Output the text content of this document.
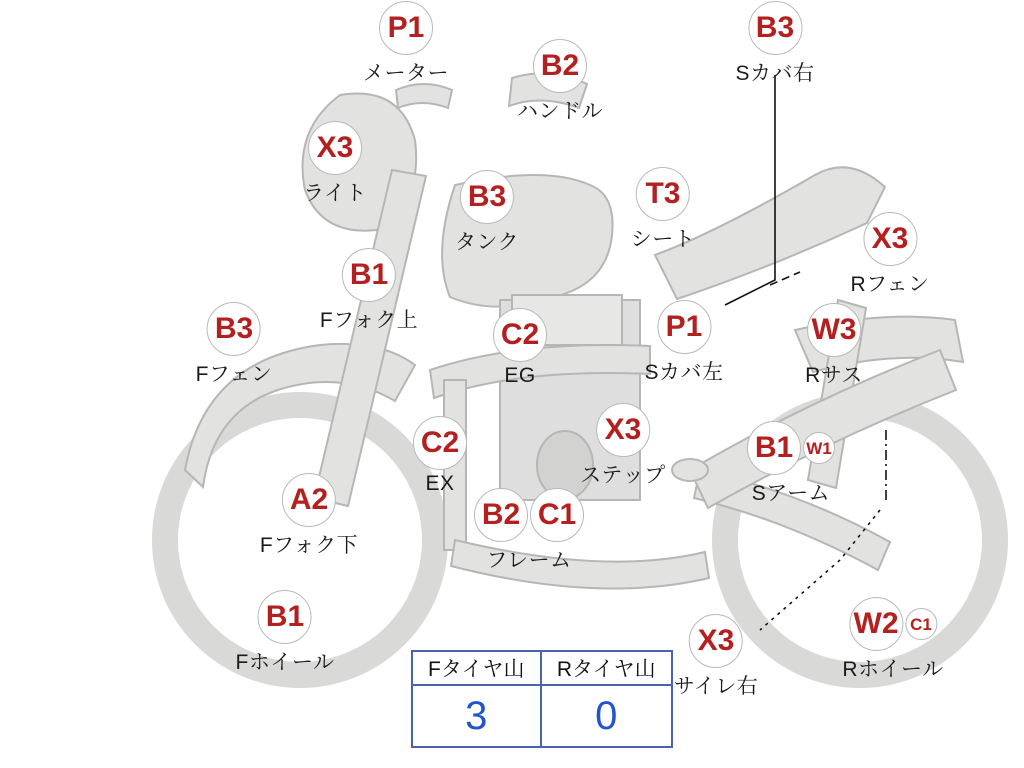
P1
メーター	B2
ハンドル
B3
Sカバ右
X3
ライト	B3
タンク
T3
シート	X3
Rフェン
B1
Fフォク上
B3
Fフェン
C2
EG
P1
Sカバ左
W3
Rサス
C2
EX
X3
ステップ
A2
Fフォク下
B1
Fホイール
X3
サイレ右
B2 C1
フレーム
B1 W1
Sアーム
W2 C1
Rホイール
Fタイヤ山	Rタイヤ山
3	0
